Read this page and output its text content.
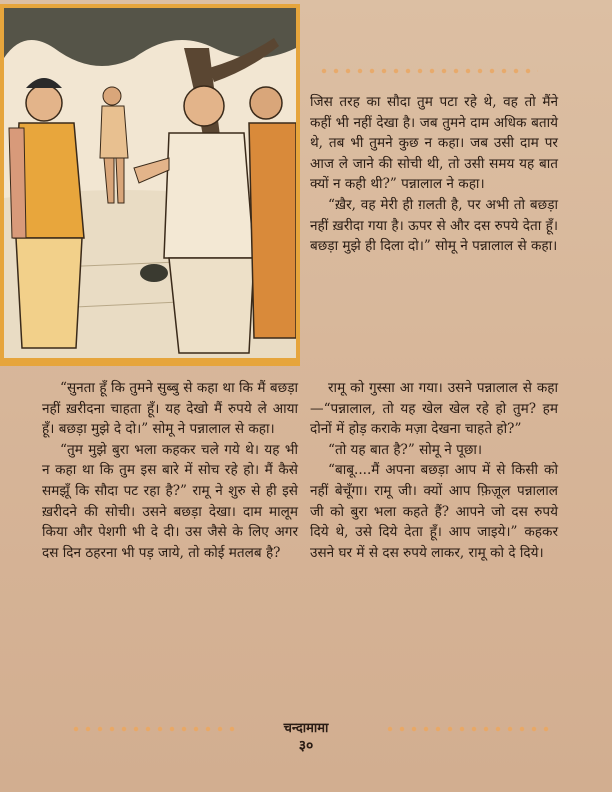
जिस तरह का सौदा तुम पटा रहे थे, वह तो मैंने कहीं भी नहीं देखा है। जब तुमने दाम अधिक बताये थे, तब भी तुमने कुछ न कहा। जब उसी दाम पर आज ले जाने की सोची थी, तो उसी समय यह बात क्यों न कही थी?” पन्नालाल ने कहा।

“ख़ैर, वह मेरी ही ग़लती है, पर अभी तो बछड़ा नहीं ख़रीदा गया है। ऊपर से और दस रुपये देता हूँ। बछड़ा मुझे ही दिला दो।” सोमू ने पन्नालाल से कहा।

“सुनता हूँ कि तुमने सुब्बु से कहा था कि मैं बछड़ा नहीं ख़रीदना चाहता हूँ। यह देखो मैं रुपये ले आया हूँ। बछड़ा मुझे दे दो।” सोमू ने पन्नालाल से कहा।

“तुम मुझे बुरा भला कहकर चले गये थे। यह भी न कहा था कि तुम इस बारे में सोच रहे हो। मैं कैसे समझूँ कि सौदा पट रहा है?” रामू ने शुरु से ही इसे ख़रीदने की सोची। उसने बछड़ा देखा। दाम मालूम किया और पेशगी भी दे दी। उस जैसे के लिए अगर दस दिन ठहरना भी पड़ जाये, तो कोई मतलब है?

रामू को गुस्सा आ गया। उसने पन्नालाल से कहा—“पन्नालाल, तो यह खेल खेल रहे हो तुम? हम दोनों में होड़ कराके मज़ा देखना चाहते हो?”

“तो यह बात है?” सोमू ने पूछा।

“बाबू....मैं अपना बछड़ा आप में से किसी को नहीं बेचूँगा। रामू जी। क्यों आप फ़िज़ूल पन्नालाल जी को बुरा भला कहते हैं? आपने जो दस रुपये दिये थे, उसे दिये देता हूँ। आप जाइये।” कहकर उसने घर में से दस रुपये लाकर, रामू को दे दिये।

चन्दामामा
३०
